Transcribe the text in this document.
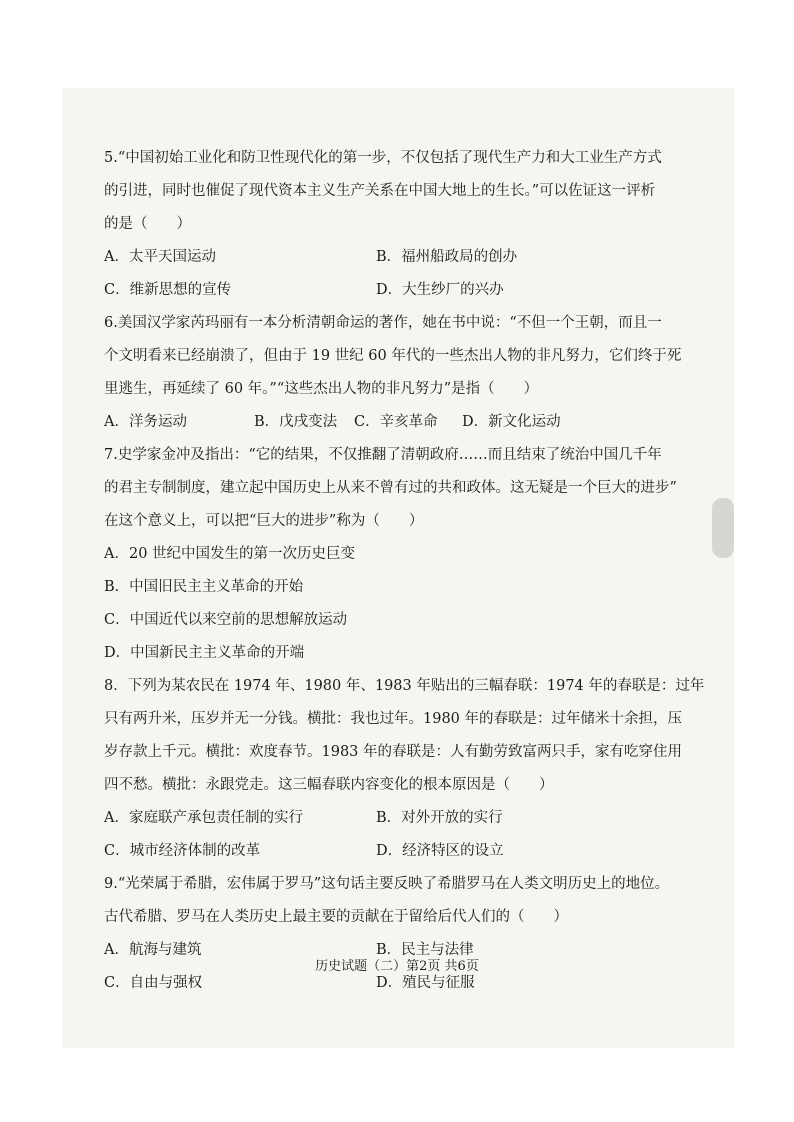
5.“中国初始工业化和防卫性现代化的第一步，不仅包括了现代生产力和大工业生产方式

的引进，同时也催促了现代资本主义生产关系在中国大地上的生长。”可以佐证这一评析

的是（　　）

A．太平天国运动	B．福州船政局的创办
C．维新思想的宣传	D．大生纱厂的兴办

6.美国汉学家芮玛丽有一本分析清朝命运的著作，她在书中说：“不但一个王朝，而且一

个文明看来已经崩溃了，但由于 19 世纪 60 年代的一些杰出人物的非凡努力，它们终于死

里逃生，再延续了 60 年。”“这些杰出人物的非凡努力”是指（　　）

A．洋务运动	B．戊戌变法 C．辛亥革命 D．新文化运动

7.史学家金冲及指出：“它的结果，不仅推翻了清朝政府……而且结束了统治中国几千年

的君主专制制度，建立起中国历史上从来不曾有过的共和政体。这无疑是一个巨大的进步”

在这个意义上，可以把“巨大的进步”称为（　　）

A．20 世纪中国发生的第一次历史巨变
B．中国旧民主主义革命的开始
C．中国近代以来空前的思想解放运动
D．中国新民主主义革命的开端

8．下列为某农民在 1974 年、1980 年、1983 年贴出的三幅春联：1974 年的春联是：过年

只有两升米，压岁并无一分钱。横批：我也过年。1980 年的春联是：过年储米十余担，压

岁存款上千元。横批：欢度春节。1983 年的春联是：人有勤劳致富两只手，家有吃穿住用

四不愁。横批：永跟党走。这三幅春联内容变化的根本原因是（　　）

A．家庭联产承包责任制的实行	B．对外开放的实行
C．城市经济体制的改革	D．经济特区的设立

9.“光荣属于希腊，宏伟属于罗马”这句话主要反映了希腊罗马在人类文明历史上的地位。

古代希腊、罗马在人类历史上最主要的贡献在于留给后代人们的（　　）

A．航海与建筑	B．民主与法律
C．自由与强权	D．殖民与征服
历史试题（二）第2页 共6页
